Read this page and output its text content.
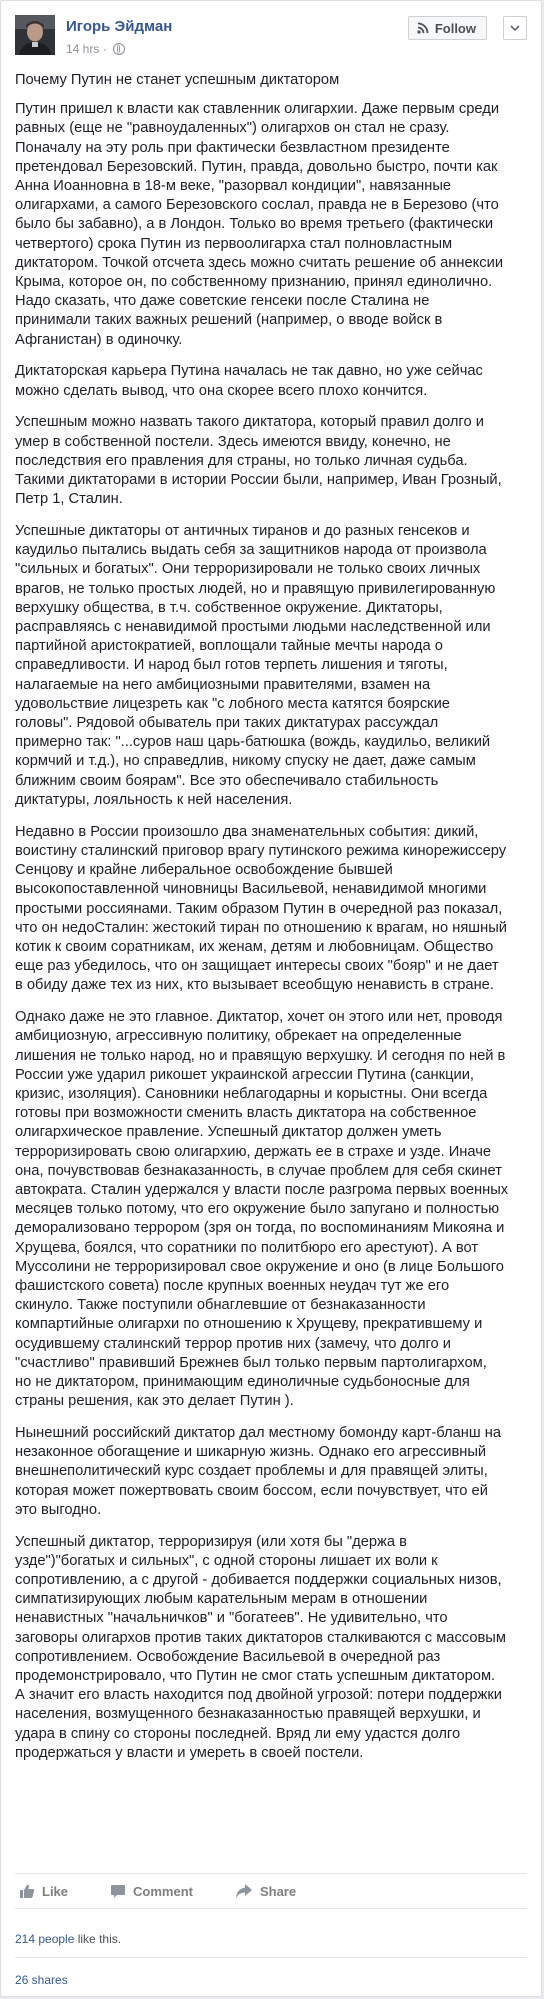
Игорь Эйдман
14 hrs ·
Follow

Почему Путин не станет успешным диктатором

Путин пришел к власти как ставленник олигархии. Даже первым среди
равных (еще не "равноудаленных") олигархов он стал не сразу.
Поначалу на эту роль при фактически безвластном президенте
претендовал Березовский. Путин, правда, довольно быстро, почти как
Анна Иоанновна в 18-м веке, "разорвал кондиции", навязанные
олигархами, а самого Березовского сослал, правда не в Березово (что
было бы забавно), а в Лондон. Только во время третьего (фактически
четвертого) срока Путин из первоолигарха стал полновластным
диктатором. Точкой отсчета здесь можно считать решение об аннексии
Крыма, которое он, по собственному признанию, принял единолично.
Надо сказать, что даже советские генсеки после Сталина не
принимали таких важных решений (например, о вводе войск в
Афганистан) в одиночку.

Диктаторская карьера Путина началась не так давно, но уже сейчас
можно сделать вывод, что она скорее всего плохо кончится.

Успешным можно назвать такого диктатора, который правил долго и
умер в собственной постели. Здесь имеются ввиду, конечно, не
последствия его правления для страны, но только личная судьба.
Такими диктаторами в истории России были, например, Иван Грозный,
Петр 1, Сталин.

Успешные диктаторы от античных тиранов и до разных генсеков и
каудильо пытались выдать себя за защитников народа от произвола
"сильных и богатых". Они терроризировали не только своих личных
врагов, не только простых людей, но и правящую привилегированную
верхушку общества, в т.ч. собственное окружение. Диктаторы,
расправляясь с ненавидимой простыми людьми наследственной или
партийной аристократией, воплощали тайные мечты народа о
справедливости. И народ был готов терпеть лишения и тяготы,
налагаемые на него амбициозными правителями, взамен на
удовольствие лицезреть как "с лобного места катятся боярские
головы". Рядовой обыватель при таких диктатурах рассуждал
примерно так: "...суров наш царь-батюшка (вождь, каудильо, великий
кормчий и т.д.), но справедлив, никому спуску не дает, даже самым
ближним своим боярам". Все это обеспечивало стабильность
диктатуры, лояльность к ней населения.

Недавно в России произошло два знаменательных события: дикий,
воистину сталинский приговор врагу путинского режима кинорежиссеру
Сенцову и крайне либеральное освобождение бывшей
высокопоставленной чиновницы Васильевой, ненавидимой многими
простыми россиянами. Таким образом Путин в очередной раз показал,
что он недоСталин: жестокий тиран по отношению к врагам, но няшный
котик к своим соратникам, их женам, детям и любовницам. Общество
еще раз убедилось, что он защищает интересы своих "бояр" и не дает
в обиду даже тех из них, кто вызывает всеобщую ненависть в стране.

Однако даже не это главное. Диктатор, хочет он этого или нет, проводя
амбициозную, агрессивную политику, обрекает на определенные
лишения не только народ, но и правящую верхушку. И сегодня по ней в
России уже ударил рикошет украинской агрессии Путина (санкции,
кризис, изоляция). Сановники неблагодарны и корыстны. Они всегда
готовы при возможности сменить власть диктатора на собственное
олигархическое правление. Успешный диктатор должен уметь
терроризировать свою олигархию, держать ее в страхе и узде. Иначе
она, почувствовав безнаказанность, в случае проблем для себя скинет
автократа. Сталин удержался у власти после разгрома первых военных
месяцев только потому, что его окружение было запугано и полностью
деморализовано террором (зря он тогда, по воспоминаниям Микояна и
Хрущева, боялся, что соратники по политбюро его арестуют). А вот
Муссолини не терроризировал свое окружение и оно (в лице Большого
фашистского совета) после крупных военных неудач тут же его
скинуло. Также поступили обнаглевшие от безнаказанности
компартийные олигархи по отношению к Хрущеву, прекратившему и
осудившему сталинский террор против них (замечу, что долго и
"счастливо" правивший Брежнев был только первым партолигархом,
но не диктатором, принимающим единоличные судьбоносные для
страны решения, как это делает Путин ).

Нынешний российский диктатор дал местному бомонду карт-бланш на
незаконное обогащение и шикарную жизнь. Однако его агрессивный
внешнеполитический курс создает проблемы и для правящей элиты,
которая может пожертвовать своим боссом, если почувствует, что ей
это выгодно.

Успешный диктатор, терроризируя (или хотя бы "держа в
узде")"богатых и сильных", с одной стороны лишает их воли к
сопротивлению, а с другой - добивается поддержки социальных низов,
симпатизирующих любым карательным мерам в отношении
ненавистных "начальничков" и "богатеев". Не удивительно, что
заговоры олигархов против таких диктаторов сталкиваются с массовым
сопротивлением. Освобождение Васильевой в очередной раз
продемонстрировало, что Путин не смог стать успешным диктатором.
А значит его власть находится под двойной угрозой: потери поддержки
населения, возмущенного безнаказанностью правящей верхушки, и
удара в спину со стороны последней. Вряд ли ему удастся долго
продержаться у власти и умереть в своей постели.

Like	Comment	Share
214 people like this.
26 shares
